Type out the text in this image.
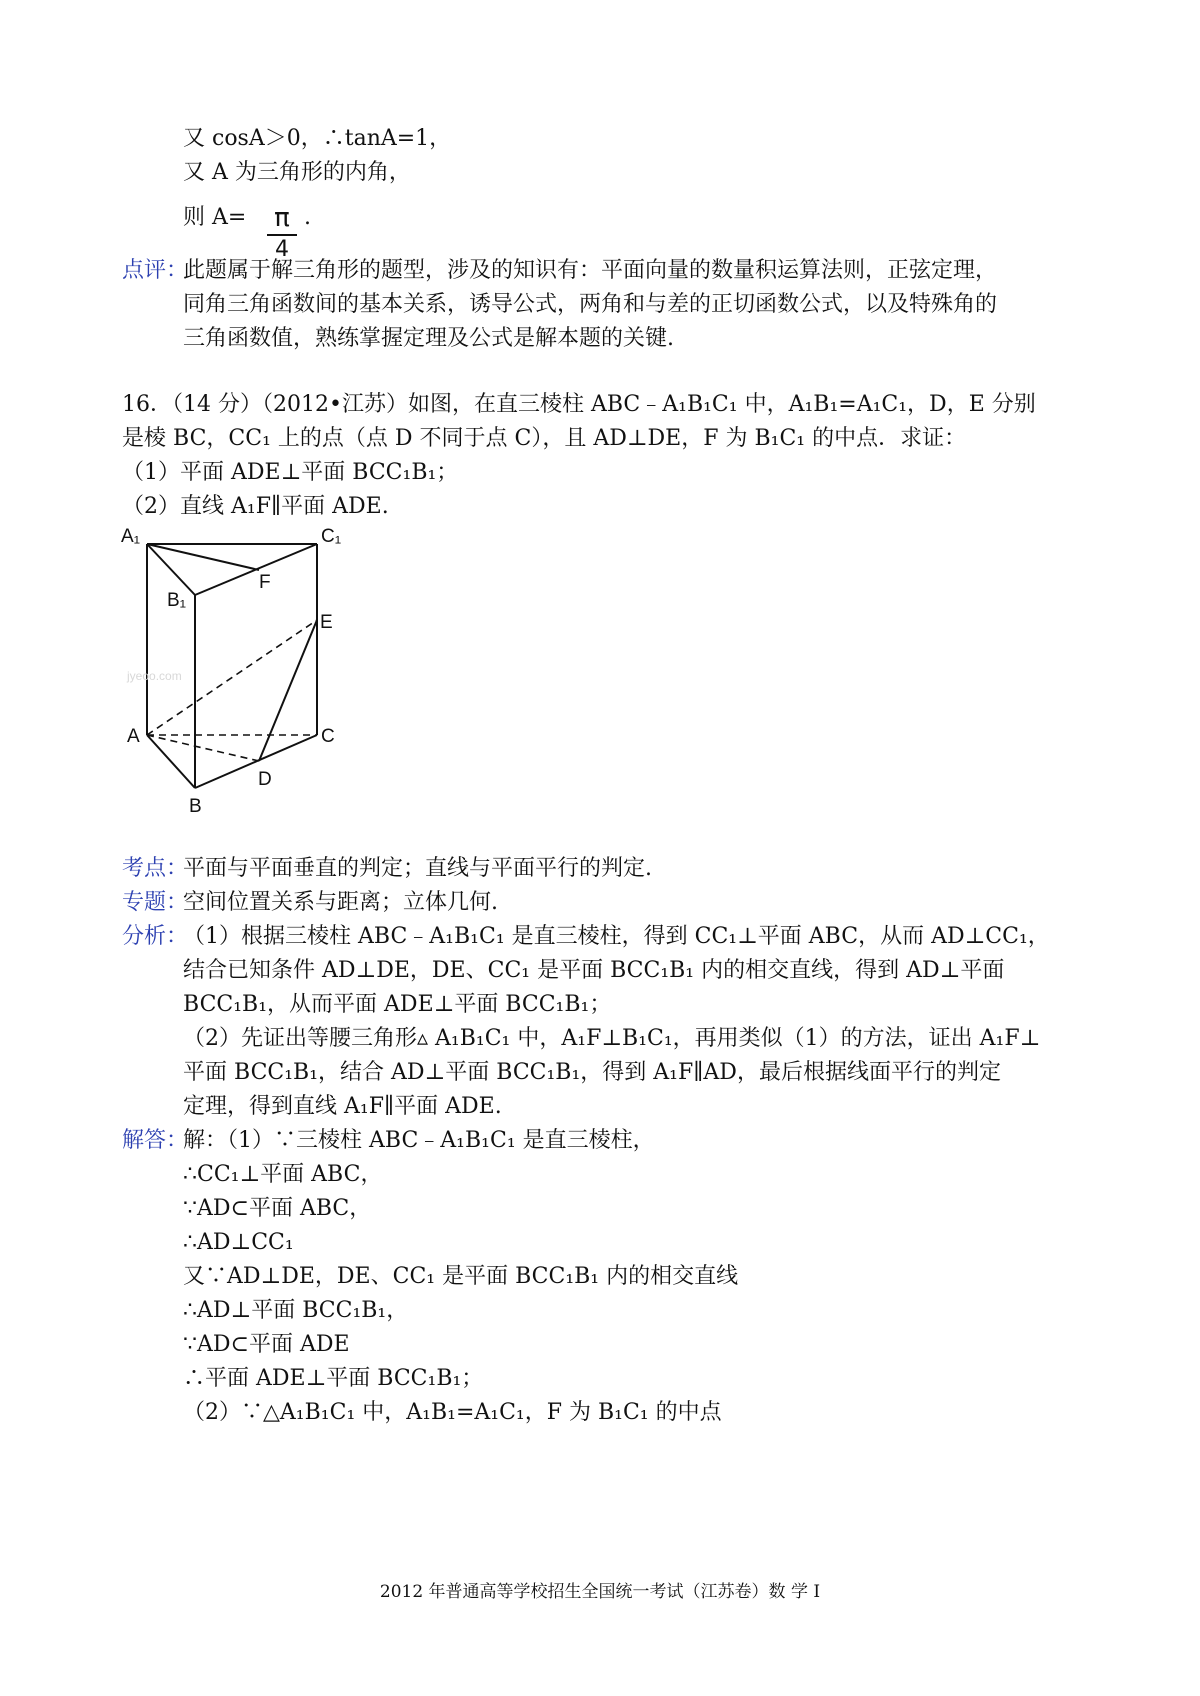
又 cosA＞0，∴tanA=1，
又 A 为三角形的内角，
则 A=	π
4
.
点评：
此题属于解三角形的题型，涉及的知识有：平面向量的数量积运算法则，正弦定理，
同角三角函数间的基本关系，诱导公式，两角和与差的正切函数公式，以及特殊角的
三角函数值，熟练掌握定理及公式是解本题的关键.
16．（14 分）（2012•江苏）如图，在直三棱柱 ABC﹣A₁B₁C₁ 中，A₁B₁=A₁C₁，D，E 分别
是棱 BC，CC₁ 上的点（点 D 不同于点 C），且 AD⊥DE，F 为 B₁C₁ 的中点．求证：
（1）平面 ADE⊥平面 BCC₁B₁；
（2）直线 A₁F∥平面 ADE.
A₁	C₁
B₁
F
E
A	C
D
B
jyeoo.com
考点：
平面与平面垂直的判定；直线与平面平行的判定.
专题：
空间位置关系与距离；立体几何.
分析：
（1）根据三棱柱 ABC﹣A₁B₁C₁ 是直三棱柱，得到 CC₁⊥平面 ABC，从而 AD⊥CC₁，
结合已知条件 AD⊥DE，DE、CC₁ 是平面 BCC₁B₁ 内的相交直线，得到 AD⊥平面
BCC₁B₁，从而平面 ADE⊥平面 BCC₁B₁；
（2）先证出等腰三角形▵ A₁B₁C₁ 中，A₁F⊥B₁C₁，再用类似（1）的方法，证出 A₁F⊥
平面 BCC₁B₁，结合 AD⊥平面 BCC₁B₁，得到 A₁F∥AD，最后根据线面平行的判定
定理，得到直线 A₁F∥平面 ADE.
解答：
解：（1）∵三棱柱 ABC﹣A₁B₁C₁ 是直三棱柱，
∴CC₁⊥平面 ABC，
∵AD⊂平面 ABC，
∴AD⊥CC₁
又∵AD⊥DE，DE、CC₁ 是平面 BCC₁B₁ 内的相交直线
∴AD⊥平面 BCC₁B₁，
∵AD⊂平面 ADE
∴平面 ADE⊥平面 BCC₁B₁；
（2）∵△A₁B₁C₁ 中，A₁B₁=A₁C₁，F 为 B₁C₁ 的中点
2012 年普通高等学校招生全国统一考试（江苏卷）数 学 I
